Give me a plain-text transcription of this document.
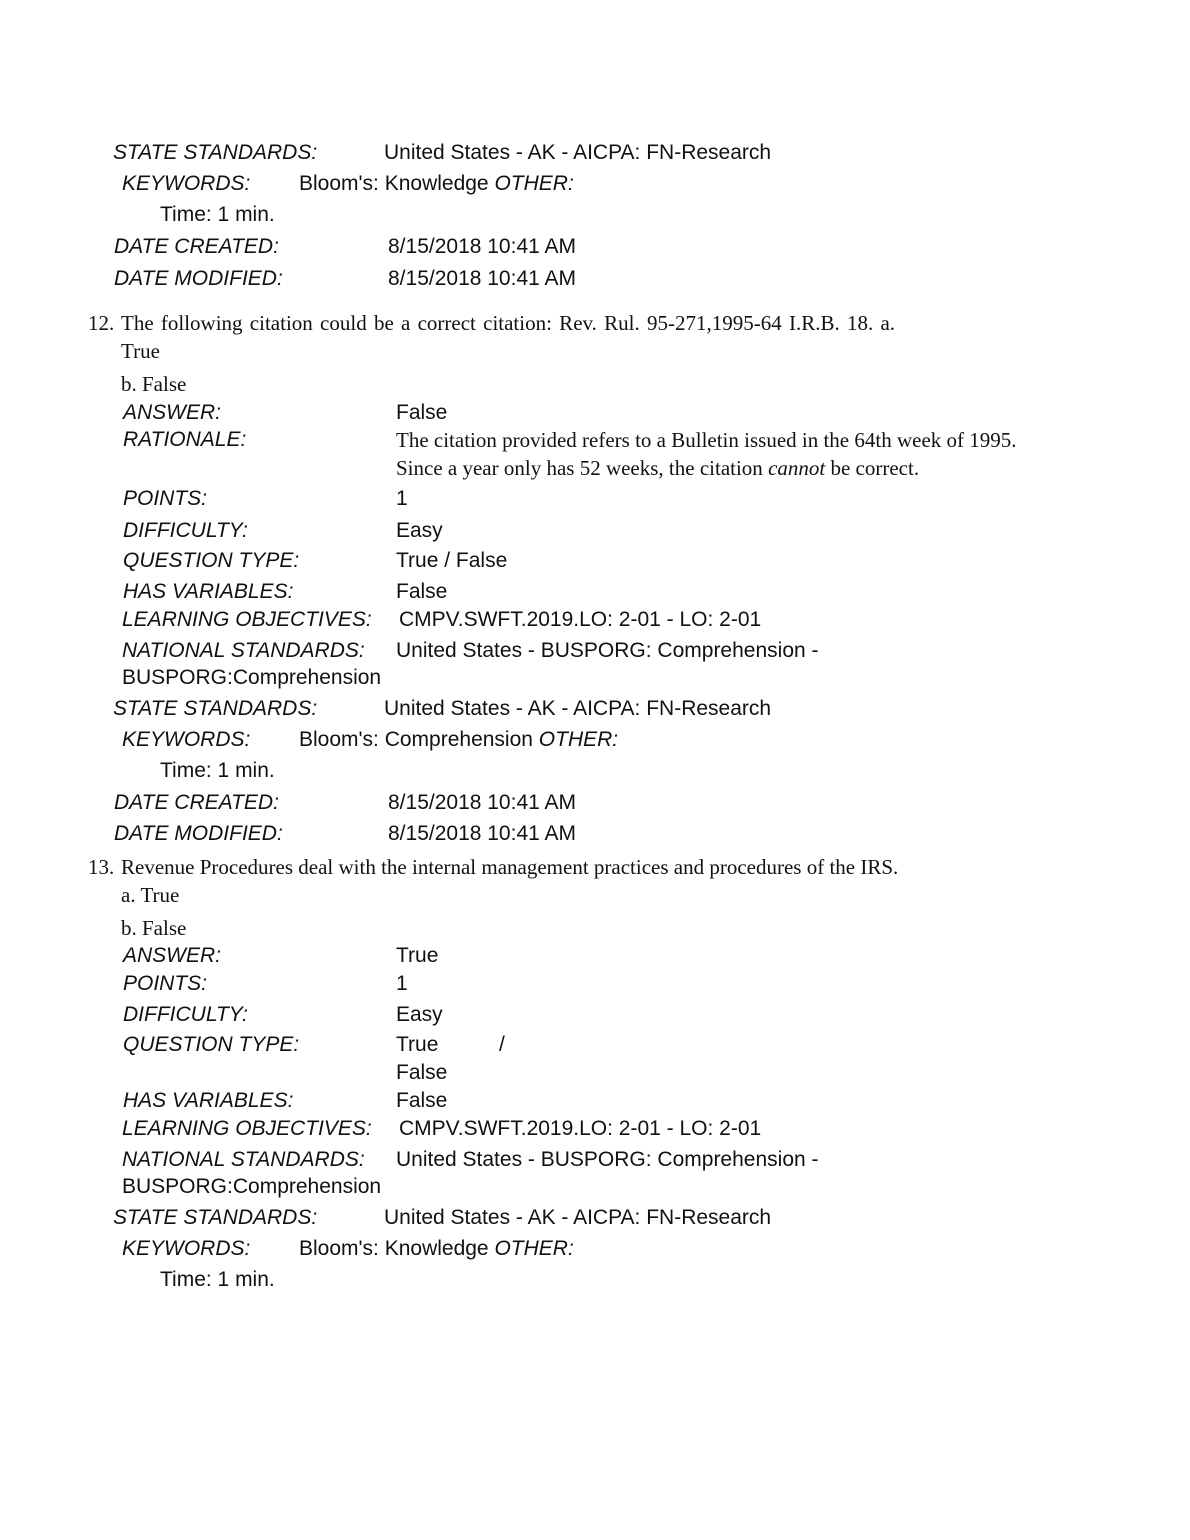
STATE STANDARDS:	United States - AK - AICPA: FN-Research
KEYWORDS: Bloom's: Knowledge OTHER:
Time: 1 min.
DATE CREATED:	8/15/2018 10:41 AM
DATE MODIFIED:	8/15/2018 10:41 AM
12. The following citation could be a correct citation: Rev. Rul. 95-271,1995-64 I.R.B. 18. a.
True
b. False
ANSWER:	False
RATIONALE:	The citation provided refers to a Bulletin issued in the 64th week of 1995.
Since a year only has 52 weeks, the citation cannot be correct.
POINTS:	1
DIFFICULTY:	Easy
QUESTION TYPE:	True / False
HAS VARIABLES:	False
LEARNING OBJECTIVES: CMPV.SWFT.2019.LO: 2-01 - LO: 2-01
NATIONAL STANDARDS: United States - BUSPORG: Comprehension -
BUSPORG:Comprehension
STATE STANDARDS:	United States - AK - AICPA: FN-Research
KEYWORDS: Bloom's: Comprehension OTHER:
Time: 1 min.
DATE CREATED:	8/15/2018 10:41 AM
DATE MODIFIED:	8/15/2018 10:41 AM
13. Revenue Procedures deal with the internal management practices and procedures of the IRS.
a. True
b. False
ANSWER:	True
POINTS:	1
DIFFICULTY:	Easy
QUESTION TYPE:	True	/
False
HAS VARIABLES:	False
LEARNING OBJECTIVES: CMPV.SWFT.2019.LO: 2-01 - LO: 2-01
NATIONAL STANDARDS: United States - BUSPORG: Comprehension -
BUSPORG:Comprehension
STATE STANDARDS:	United States - AK - AICPA: FN-Research
KEYWORDS: Bloom's: Knowledge OTHER:
Time: 1 min.
